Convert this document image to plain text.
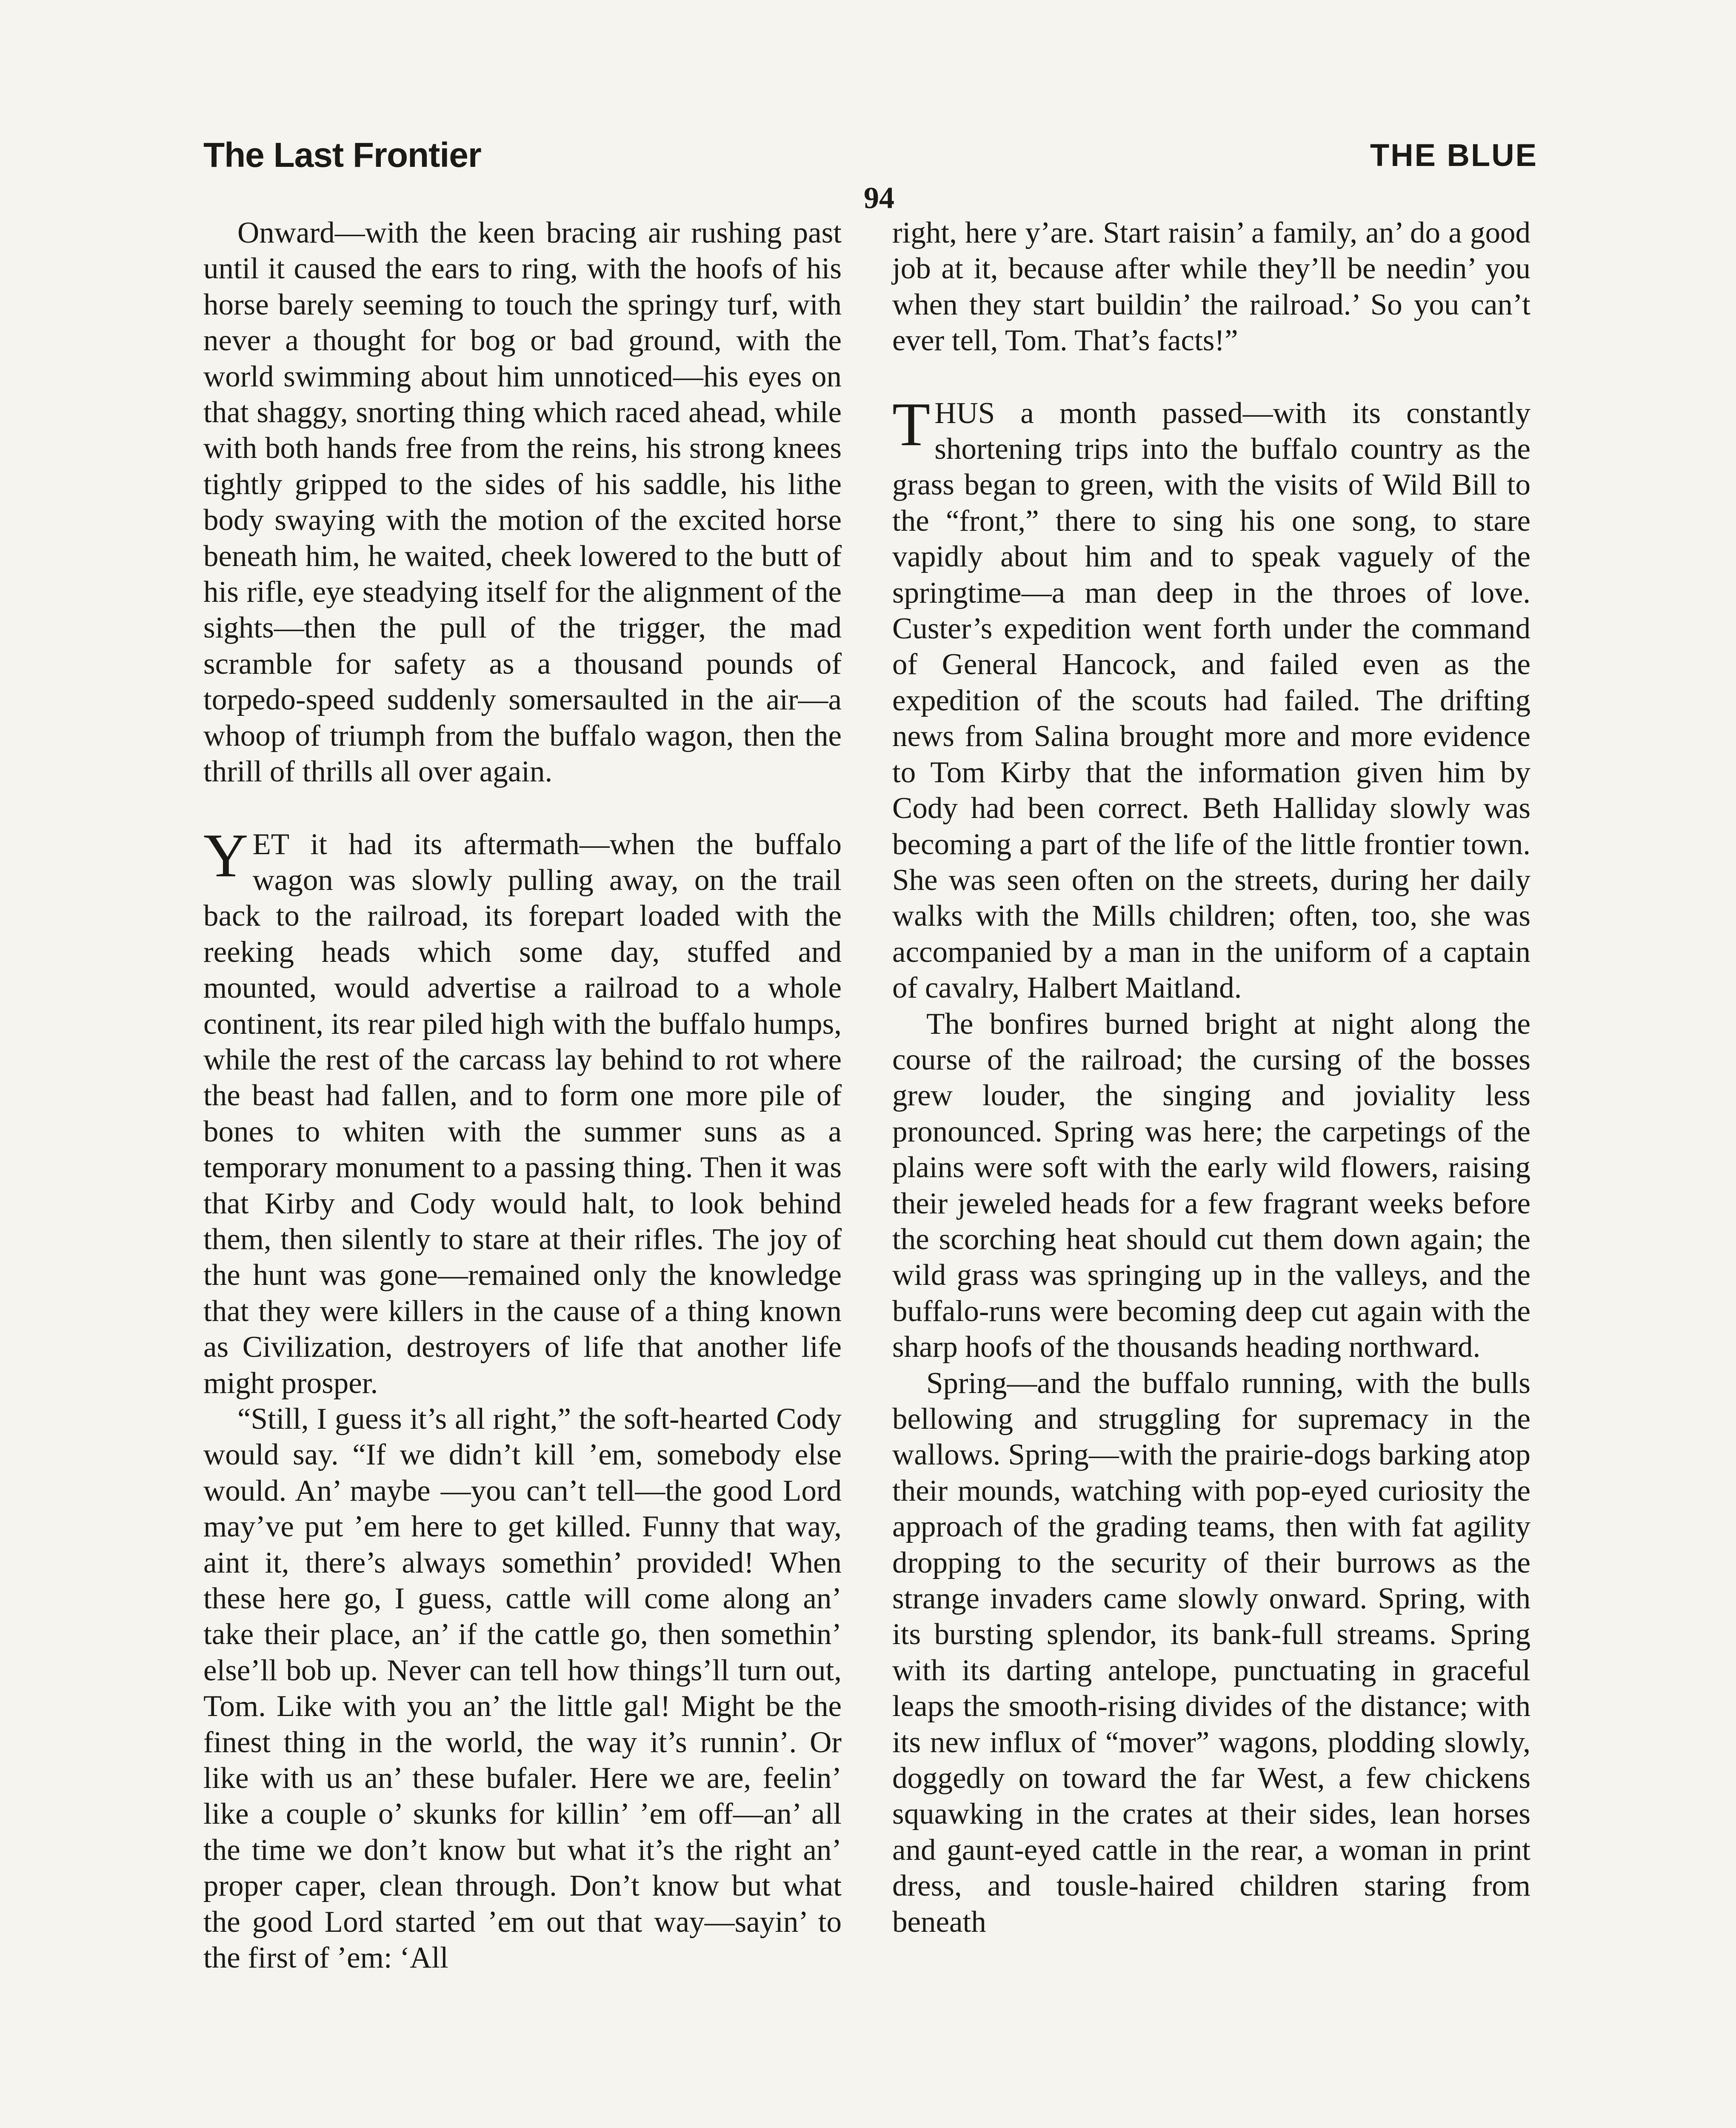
The Last Frontier	THE BLUE
94

Onward—with the keen bracing air rushing past until it caused the ears to ring, with the hoofs of his horse barely seeming to touch the springy turf, with never a thought for bog or bad ground, with the world swimming about him unnoticed—his eyes on that shaggy, snorting thing which raced ahead, while with both hands free from the reins, his strong knees tightly gripped to the sides of his saddle, his lithe body swaying with the motion of the excited horse beneath him, he waited, cheek lowered to the butt of his rifle, eye steadying itself for the alignment of the sights—then the pull of the trigger, the mad scramble for safety as a thousand pounds of torpedo-speed suddenly somersaulted in the air—a whoop of triumph from the buffalo wagon, then the thrill of thrills all over again.

YET it had its aftermath—when the buffalo wagon was slowly pulling away, on the trail back to the railroad, its forepart loaded with the reeking heads which some day, stuffed and mounted, would advertise a railroad to a whole continent, its rear piled high with the buffalo humps, while the rest of the carcass lay behind to rot where the beast had fallen, and to form one more pile of bones to whiten with the summer suns as a temporary monument to a passing thing. Then it was that Kirby and Cody would halt, to look behind them, then silently to stare at their rifles. The joy of the hunt was gone—remained only the knowledge that they were killers in the cause of a thing known as Civilization, destroyers of life that another life might prosper.

“Still, I guess it’s all right,” the soft-hearted Cody would say. “If we didn’t kill ’em, somebody else would. An’ maybe —you can’t tell—the good Lord may’ve put ’em here to get killed. Funny that way, aint it, there’s always somethin’ provided! When these here go, I guess, cattle will come along an’ take their place, an’ if the cattle go, then somethin’ else’ll bob up. Never can tell how things’ll turn out, Tom. Like with you an’ the little gal! Might be the finest thing in the world, the way it’s runnin’. Or like with us an’ these bufaler. Here we are, feelin’ like a couple o’ skunks for killin’ ’em off—an’ all the time we don’t know but what it’s the right an’ proper caper, clean through. Don’t know but what the good Lord started ’em out that way—sayin’ to the first of ’em: ‘All

right, here y’are. Start raisin’ a family, an’ do a good job at it, because after while they’ll be needin’ you when they start buildin’ the railroad.’ So you can’t ever tell, Tom. That’s facts!”

THUS a month passed—with its constantly shortening trips into the buffalo country as the grass began to green, with the visits of Wild Bill to the “front,” there to sing his one song, to stare vapidly about him and to speak vaguely of the springtime—a man deep in the throes of love. Custer’s expedition went forth under the command of General Hancock, and failed even as the expedition of the scouts had failed. The drifting news from Salina brought more and more evidence to Tom Kirby that the information given him by Cody had been correct. Beth Halliday slowly was becoming a part of the life of the little frontier town. She was seen often on the streets, during her daily walks with the Mills children; often, too, she was accompanied by a man in the uniform of a captain of cavalry, Halbert Maitland.

The bonfires burned bright at night along the course of the railroad; the cursing of the bosses grew louder, the singing and joviality less pronounced. Spring was here; the carpetings of the plains were soft with the early wild flowers, raising their jeweled heads for a few fragrant weeks before the scorching heat should cut them down again; the wild grass was springing up in the valleys, and the buffalo-runs were becoming deep cut again with the sharp hoofs of the thousands heading northward.

Spring—and the buffalo running, with the bulls bellowing and struggling for supremacy in the wallows. Spring—with the prairie-dogs barking atop their mounds, watching with pop-eyed curiosity the approach of the grading teams, then with fat agility dropping to the security of their burrows as the strange invaders came slowly onward. Spring, with its bursting splendor, its bank-full streams. Spring with its darting antelope, punctuating in graceful leaps the smooth-rising divides of the distance; with its new influx of “mover” wagons, plodding slowly, doggedly on toward the far West, a few chickens squawking in the crates at their sides, lean horses and gaunt-eyed cattle in the rear, a woman in print dress, and tousle-haired children staring from beneath
